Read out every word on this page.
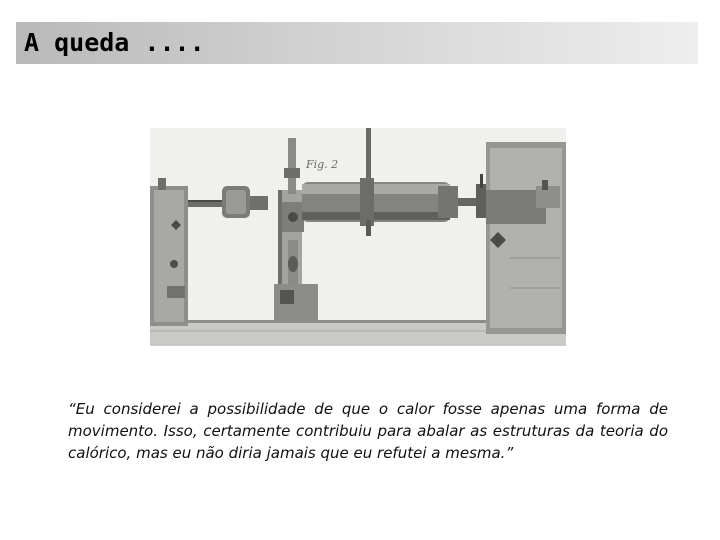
A queda ....
Fig. 2

“Eu considerei a possibilidade de que o calor fosse apenas uma forma de movimento. Isso, certamente contribuiu para abalar as estruturas da teoria do calórico, mas eu não diria jamais que eu refutei a mesma.”
